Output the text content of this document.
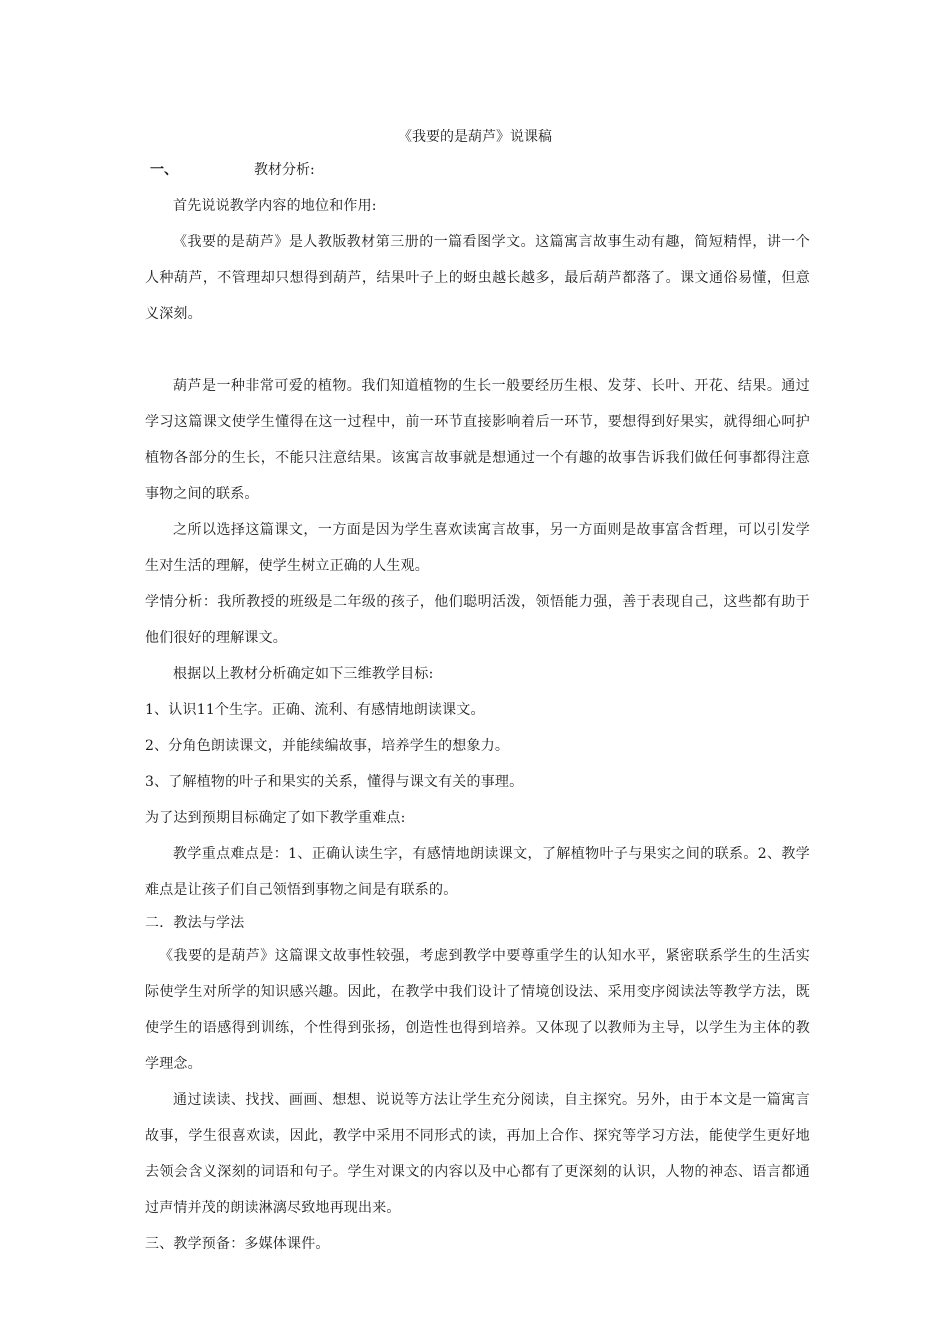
《我要的是葫芦》说课稿
一、	教材分析:

首先说说教学内容的地位和作用:

《我要的是葫芦》是人教版教材第三册的一篇看图学文。这篇寓言故事生动有趣，简短精悍，讲一个人种葫芦，不管理却只想得到葫芦，结果叶子上的蚜虫越长越多，最后葫芦都落了。课文通俗易懂，但意义深刻。

葫芦是一种非常可爱的植物。我们知道植物的生长一般要经历生根、发芽、长叶、开花、结果。通过学习这篇课文使学生懂得在这一过程中，前一环节直接影响着后一环节，要想得到好果实，就得细心呵护植物各部分的生长，不能只注意结果。该寓言故事就是想通过一个有趣的故事告诉我们做任何事都得注意事物之间的联系。

之所以选择这篇课文，一方面是因为学生喜欢读寓言故事，另一方面则是故事富含哲理，可以引发学生对生活的理解，使学生树立正确的人生观。

学情分析：我所教授的班级是二年级的孩子，他们聪明活泼，领悟能力强，善于表现自己，这些都有助于他们很好的理解课文。

根据以上教材分析确定如下三维教学目标:

1、认识11个生字。正确、流利、有感情地朗读课文。

2、分角色朗读课文，并能续编故事，培养学生的想象力。

3、了解植物的叶子和果实的关系，懂得与课文有关的事理。

为了达到预期目标确定了如下教学重难点:

教学重点难点是：1、正确认读生字，有感情地朗读课文，了解植物叶子与果实之间的联系。2、教学难点是让孩子们自己领悟到事物之间是有联系的。

二．教法与学法

《我要的是葫芦》这篇课文故事性较强，考虑到教学中要尊重学生的认知水平，紧密联系学生的生活实际使学生对所学的知识感兴趣。因此，在教学中我们设计了情境创设法、采用变序阅读法等教学方法，既使学生的语感得到训练，个性得到张扬，创造性也得到培养。又体现了以教师为主导，以学生为主体的教学理念。

通过读读、找找、画画、想想、说说等方法让学生充分阅读，自主探究。另外，由于本文是一篇寓言故事，学生很喜欢读，因此，教学中采用不同形式的读，再加上合作、探究等学习方法，能使学生更好地去领会含义深刻的词语和句子。学生对课文的内容以及中心都有了更深刻的认识，人物的神态、语言都通过声情并茂的朗读淋漓尽致地再现出来。

三、教学预备：多媒体课件。
